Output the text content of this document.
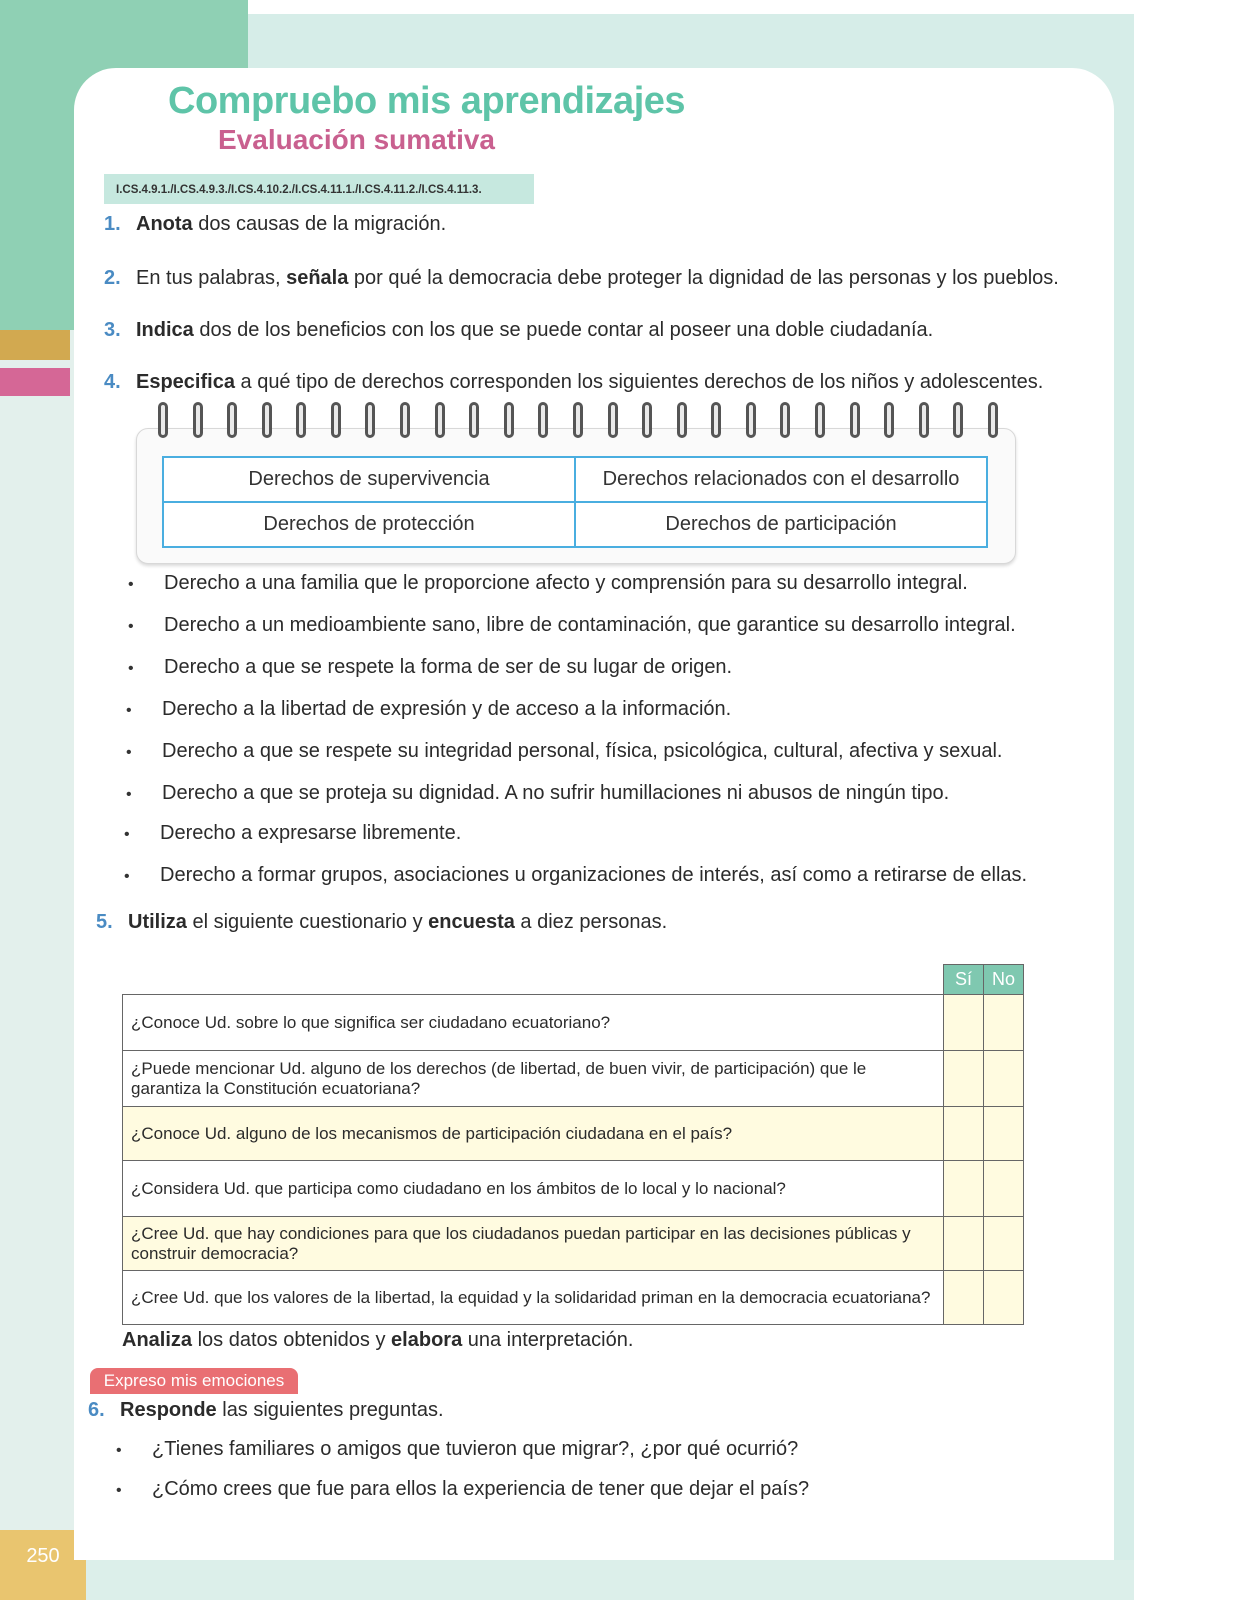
250
Compruebo mis aprendizajes
Evaluación sumativa
I.CS.4.9.1./I.CS.4.9.3./I.CS.4.10.2./I.CS.4.11.1./I.CS.4.11.2./I.CS.4.11.3.
1. Anota dos causas de la migración.
2. En tus palabras, señala por qué la democracia debe proteger la dignidad de las personas y los pueblos.
3. Indica dos de los beneficios con los que se puede contar al poseer una doble ciudadanía.
4. Especifica a qué tipo de derechos corresponden los siguientes derechos de los niños y adolescentes.
Derechos de supervivencia	Derechos relacionados con el desarrollo
Derechos de protección	Derechos de participación
• Derecho a una familia que le proporcione afecto y comprensión para su desarrollo integral.
• Derecho a un medioambiente sano, libre de contaminación, que garantice su desarrollo integral.
• Derecho a que se respete la forma de ser de su lugar de origen.
• Derecho a la libertad de expresión y de acceso a la información.
• Derecho a que se respete su integridad personal, física, psicológica, cultural, afectiva y sexual.
• Derecho a que se proteja su dignidad. A no sufrir humillaciones ni abusos de ningún tipo.
• Derecho a expresarse libremente.
• Derecho a formar grupos, asociaciones u organizaciones de interés, así como a retirarse de ellas.
5. Utiliza el siguiente cuestionario y encuesta a diez personas.
	Sí	No
¿Conoce Ud. sobre lo que significa ser ciudadano ecuatoriano?		
¿Puede mencionar Ud. alguno de los derechos (de libertad, de buen vivir, de participación) que le garantiza la Constitución ecuatoriana?		
¿Conoce Ud. alguno de los mecanismos de participación ciudadana en el país?		
¿Considera Ud. que participa como ciudadano en los ámbitos de lo local y lo nacional?		
¿Cree Ud. que hay condiciones para que los ciudadanos puedan participar en las decisiones públicas y construir democracia?		
¿Cree Ud. que los valores de la libertad, la equidad y la solidaridad priman en la democracia ecuatoriana?		
Analiza los datos obtenidos y elabora una interpretación.
Expreso mis emociones
6. Responde las siguientes preguntas.
• ¿Tienes familiares o amigos que tuvieron que migrar?, ¿por qué ocurrió?
• ¿Cómo crees que fue para ellos la experiencia de tener que dejar el país?
